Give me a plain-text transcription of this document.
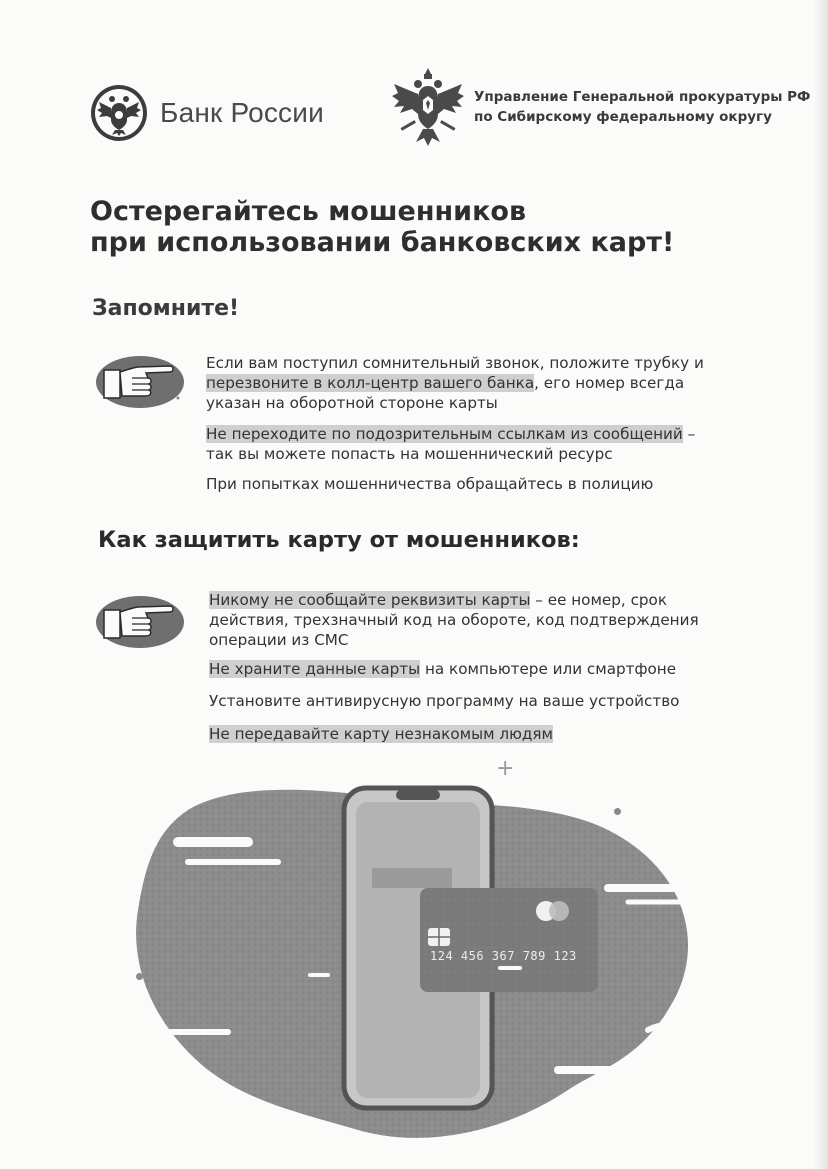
Банк России	Управление Генеральной прокуратуры РФ
по Сибирскому федеральному округу
Остерегайтесь мошенников
при использовании банковских карт!
Запомните!

Если вам поступил сомнительный звонок, положите трубку и перезвоните в колл-центр вашего банка, его номер всегда указан на оборотной стороне карты

Не переходите по подозрительным ссылкам из сообщений – так вы можете попасть на мошеннический ресурс

При попытках мошенничества обращайтесь в полицию

Как защитить карту от мошенников:

Никому не сообщайте реквизиты карты – ее номер, срок действия, трехзначный код на обороте, код подтверждения операции из СМС

Не храните данные карты на компьютере или смартфоне

Установите антивирусную программу на ваше устройство

Не передавайте карту незнакомым людям

+
124 456 367 789 123
